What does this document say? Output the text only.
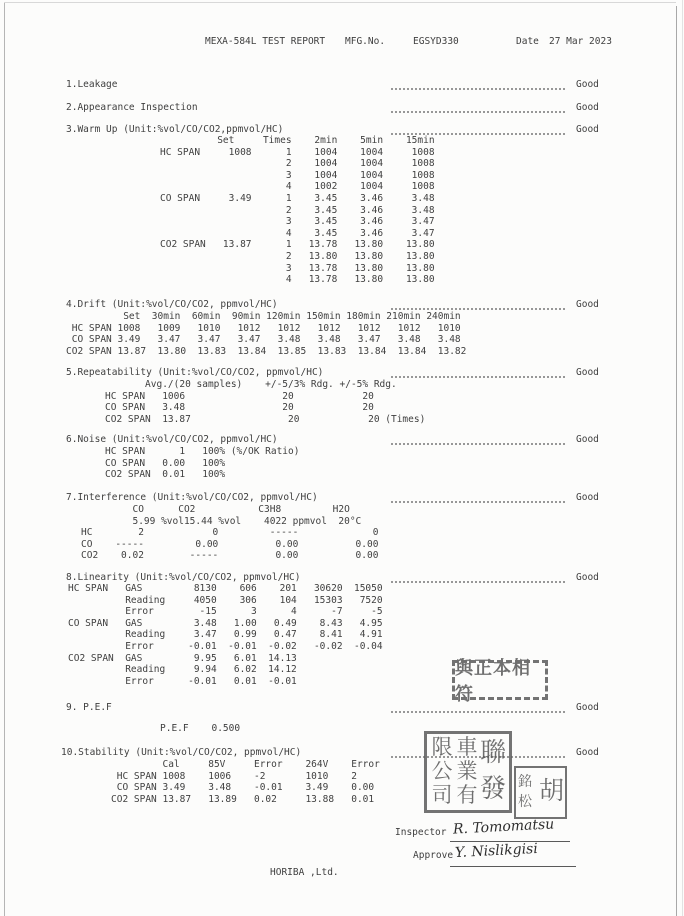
MEXA-584L TEST REPORT MFG.No.	EGSYD330	Date 27 Mar 2023
1.Leakage	Good
2.Appearance Inspection	Good
3.Warm Up (Unit:%vol/CO/CO2,ppmvol/HC)	Good
Set     Times    2min    5min    15min
HC SPAN     1008      1    1004    1004     1008
2    1004    1004     1008
3    1004    1004     1008
4    1002    1004     1008
CO SPAN     3.49      1    3.45    3.46     3.48
2    3.45    3.46     3.48
3    3.45    3.46     3.47
4    3.45    3.46     3.47
CO2 SPAN   13.87      1   13.78   13.80    13.80
2   13.80   13.80    13.80
3   13.78   13.80    13.80
4   13.78   13.80    13.80
4.Drift (Unit:%vol/CO/CO2, ppmvol/HC)	Good
Set  30min  60min  90min 120min 150min 180min 210min 240min
HC SPAN 1008   1009   1010   1012   1012   1012   1012   1012   1010
CO SPAN 3.49   3.47   3.47   3.47   3.48   3.48   3.47   3.48   3.48
CO2 SPAN 13.87  13.80  13.83  13.84  13.85  13.83  13.84  13.84  13.82
5.Repeatability (Unit:%vol/CO/CO2, ppmvol/HC)	Good
Avg./(20 samples)    +/-5/3% Rdg. +/-5% Rdg.
HC SPAN   1006                 20            20
CO SPAN   3.48                 20            20
CO2 SPAN  13.87                 20            20 (Times)
6.Noise (Unit:%vol/CO/CO2, ppmvol/HC)	Good
HC SPAN      1   100% (%/OK Ratio)
CO SPAN   0.00   100%
CO2 SPAN  0.01   100%
7.Interference (Unit:%vol/CO/CO2, ppmvol/HC)	Good
CO      CO2           C3H8         H2O
5.99 %vol15.44 %vol    4022 ppmvol  20°C
HC        2            0         -----             0
CO    -----         0.00          0.00          0.00
CO2    0.02        -----          0.00          0.00
8.Linearity (Unit:%vol/CO/CO2, ppmvol/HC)	Good
HC SPAN   GAS         8130    606    201   30620  15050
Reading     4050    306    104   15303   7520
Error        -15      3      4      -7     -5
CO SPAN   GAS         3.48   1.00   0.49    8.43   4.95
Reading     3.47   0.99   0.47    8.41   4.91
Error      -0.01  -0.01  -0.02   -0.02  -0.04
CO2 SPAN  GAS         9.95   6.01  14.13
Reading     9.94   6.02  14.12
Error      -0.01   0.01  -0.01
與正本相符
9. P.E.F	Good
P.E.F    0.500
10.Stability (Unit:%vol/CO/CO2, ppmvol/HC)	Good
Cal     85V     Error    264V    Error
HC SPAN 1008    1006    -2       1010    2
CO SPAN 3.49    3.48    -0.01    3.49    0.00
CO2 SPAN 13.87   13.89   0.02     13.88   0.01
限公司
車業有
聯發 銘松 胡
Inspector R. Tomomatsu
Approve Y. Nislikgisi
HORIBA ,Ltd.
